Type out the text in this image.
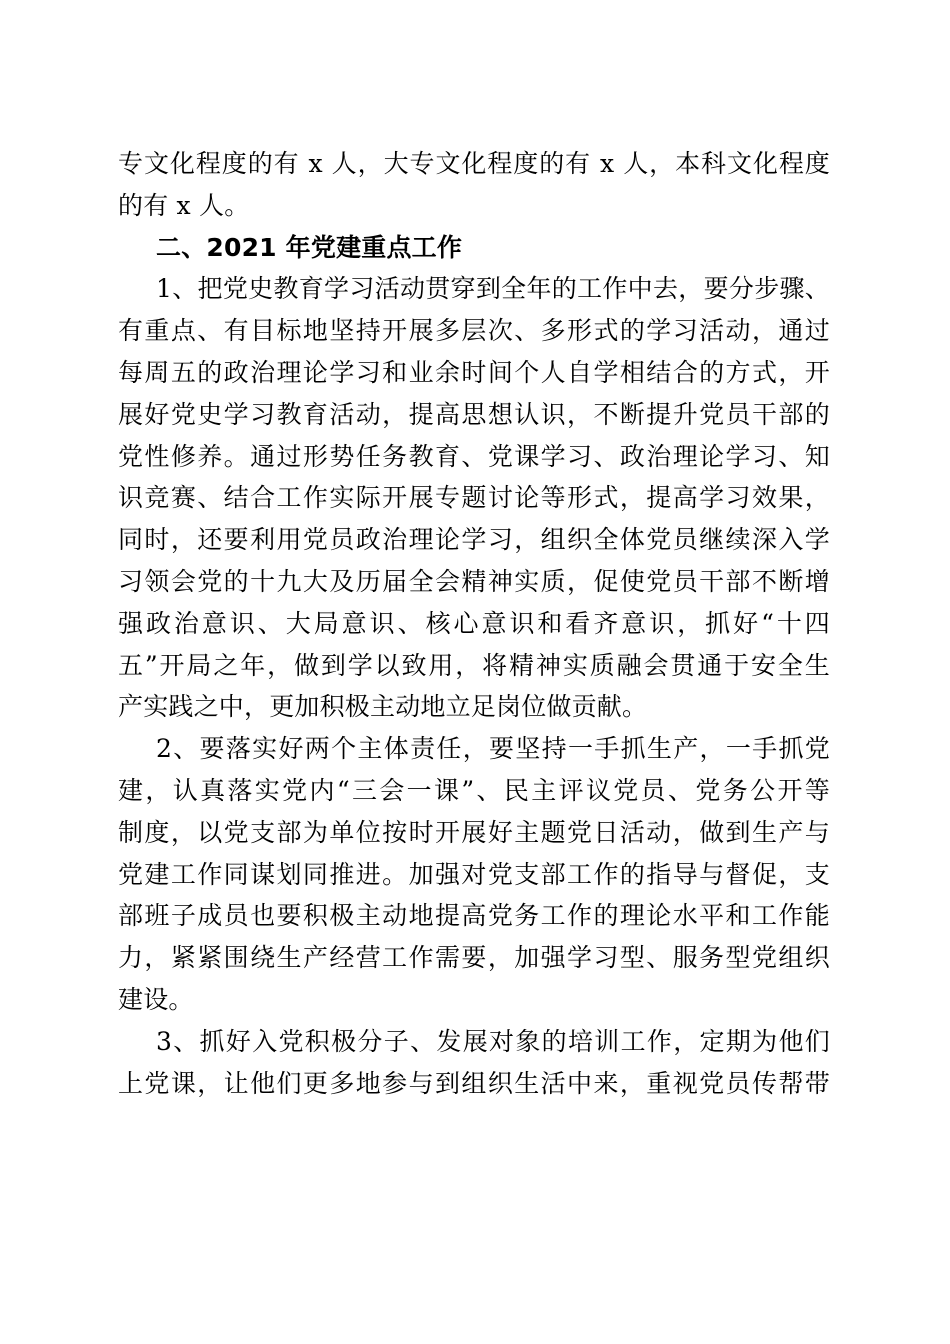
专文化程度的有 x 人，大专文化程度的有 x 人，本科文化程度
的有 x 人。
二、2021 年党建重点工作
1、把党史教育学习活动贯穿到全年的工作中去，要分步骤、
有重点、有目标地坚持开展多层次、多形式的学习活动，通过
每周五的政治理论学习和业余时间个人自学相结合的方式，开
展好党史学习教育活动，提高思想认识，不断提升党员干部的
党性修养。通过形势任务教育、党课学习、政治理论学习、知
识竞赛、结合工作实际开展专题讨论等形式，提高学习效果，
同时，还要利用党员政治理论学习，组织全体党员继续深入学
习领会党的十九大及历届全会精神实质，促使党员干部不断增
强政治意识、大局意识、核心意识和看齐意识，抓好“十四
五”开局之年，做到学以致用，将精神实质融会贯通于安全生
产实践之中，更加积极主动地立足岗位做贡献。
2、要落实好两个主体责任，要坚持一手抓生产，一手抓党
建，认真落实党内“三会一课”、民主评议党员、党务公开等
制度，以党支部为单位按时开展好主题党日活动，做到生产与
党建工作同谋划同推进。加强对党支部工作的指导与督促，支
部班子成员也要积极主动地提高党务工作的理论水平和工作能
力，紧紧围绕生产经营工作需要，加强学习型、服务型党组织
建设。
3、抓好入党积极分子、发展对象的培训工作，定期为他们
上党课，让他们更多地参与到组织生活中来，重视党员传帮带
